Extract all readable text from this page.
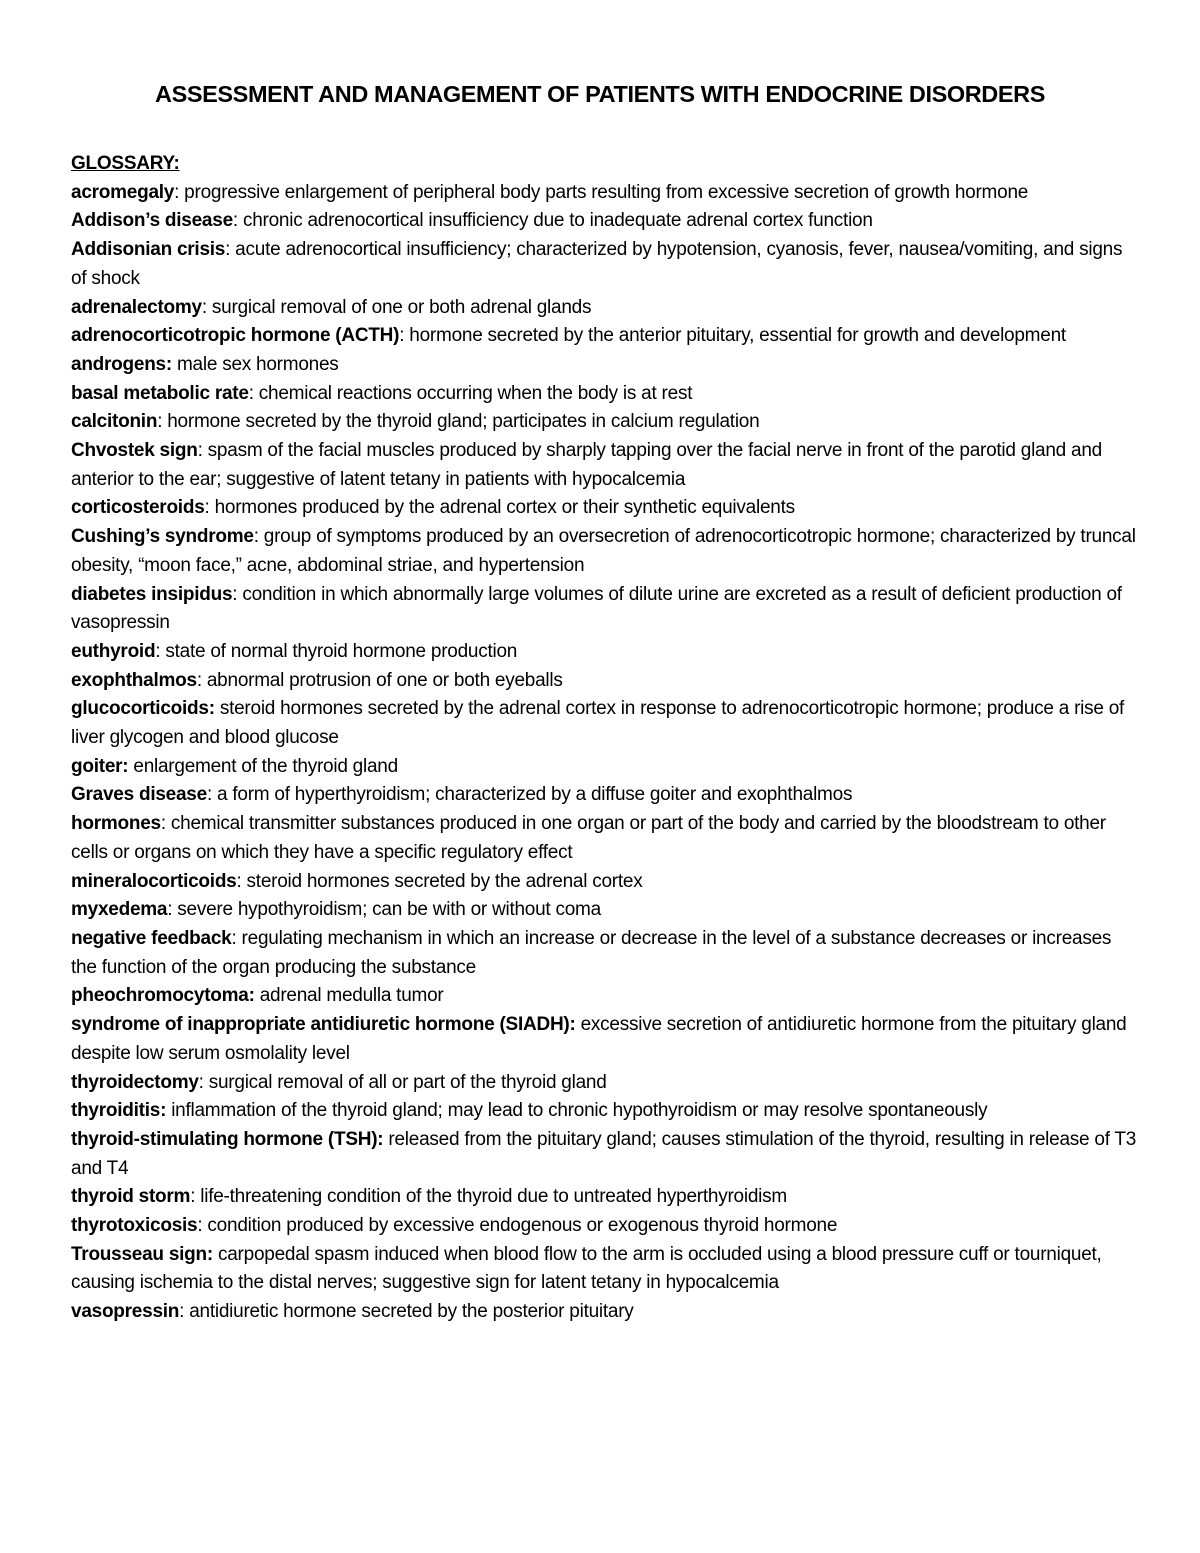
ASSESSMENT AND MANAGEMENT OF PATIENTS WITH ENDOCRINE DISORDERS

GLOSSARY:

acromegaly: progressive enlargement of peripheral body parts resulting from excessive secretion of growth hormone

Addison’s disease: chronic adrenocortical insufficiency due to inadequate adrenal cortex function

Addisonian crisis: acute adrenocortical insufficiency; characterized by hypotension, cyanosis, fever, nausea/vomiting, and signs of shock

adrenalectomy: surgical removal of one or both adrenal glands

adrenocorticotropic hormone (ACTH): hormone secreted by the anterior pituitary, essential for growth and development

androgens: male sex hormones

basal metabolic rate: chemical reactions occurring when the body is at rest

calcitonin: hormone secreted by the thyroid gland; participates in calcium regulation

Chvostek sign: spasm of the facial muscles produced by sharply tapping over the facial nerve in front of the parotid gland and anterior to the ear; suggestive of latent tetany in patients with hypocalcemia

corticosteroids: hormones produced by the adrenal cortex or their synthetic equivalents

Cushing’s syndrome: group of symptoms produced by an oversecretion of adrenocorticotropic hormone; characterized by truncal obesity, “moon face,” acne, abdominal striae, and hypertension

diabetes insipidus: condition in which abnormally large volumes of dilute urine are excreted as a result of deficient production of vasopressin

euthyroid: state of normal thyroid hormone production

exophthalmos: abnormal protrusion of one or both eyeballs

glucocorticoids: steroid hormones secreted by the adrenal cortex in response to adrenocorticotropic hormone; produce a rise of liver glycogen and blood glucose

goiter: enlargement of the thyroid gland

Graves disease: a form of hyperthyroidism; characterized by a diffuse goiter and exophthalmos

hormones: chemical transmitter substances produced in one organ or part of the body and carried by the bloodstream to other cells or organs on which they have a specific regulatory effect

mineralocorticoids: steroid hormones secreted by the adrenal cortex

myxedema: severe hypothyroidism; can be with or without coma

negative feedback: regulating mechanism in which an increase or decrease in the level of a substance decreases or increases the function of the organ producing the substance

pheochromocytoma: adrenal medulla tumor

syndrome of inappropriate antidiuretic hormone (SIADH): excessive secretion of antidiuretic hormone from the pituitary gland despite low serum osmolality level

thyroidectomy: surgical removal of all or part of the thyroid gland

thyroiditis: inflammation of the thyroid gland; may lead to chronic hypothyroidism or may resolve spontaneously

thyroid-stimulating hormone (TSH): released from the pituitary gland; causes stimulation of the thyroid, resulting in release of T3 and T4

thyroid storm: life-threatening condition of the thyroid due to untreated hyperthyroidism

thyrotoxicosis: condition produced by excessive endogenous or exogenous thyroid hormone

Trousseau sign: carpopedal spasm induced when blood flow to the arm is occluded using a blood pressure cuff or tourniquet, causing ischemia to the distal nerves; suggestive sign for latent tetany in hypocalcemia

vasopressin: antidiuretic hormone secreted by the posterior pituitary
